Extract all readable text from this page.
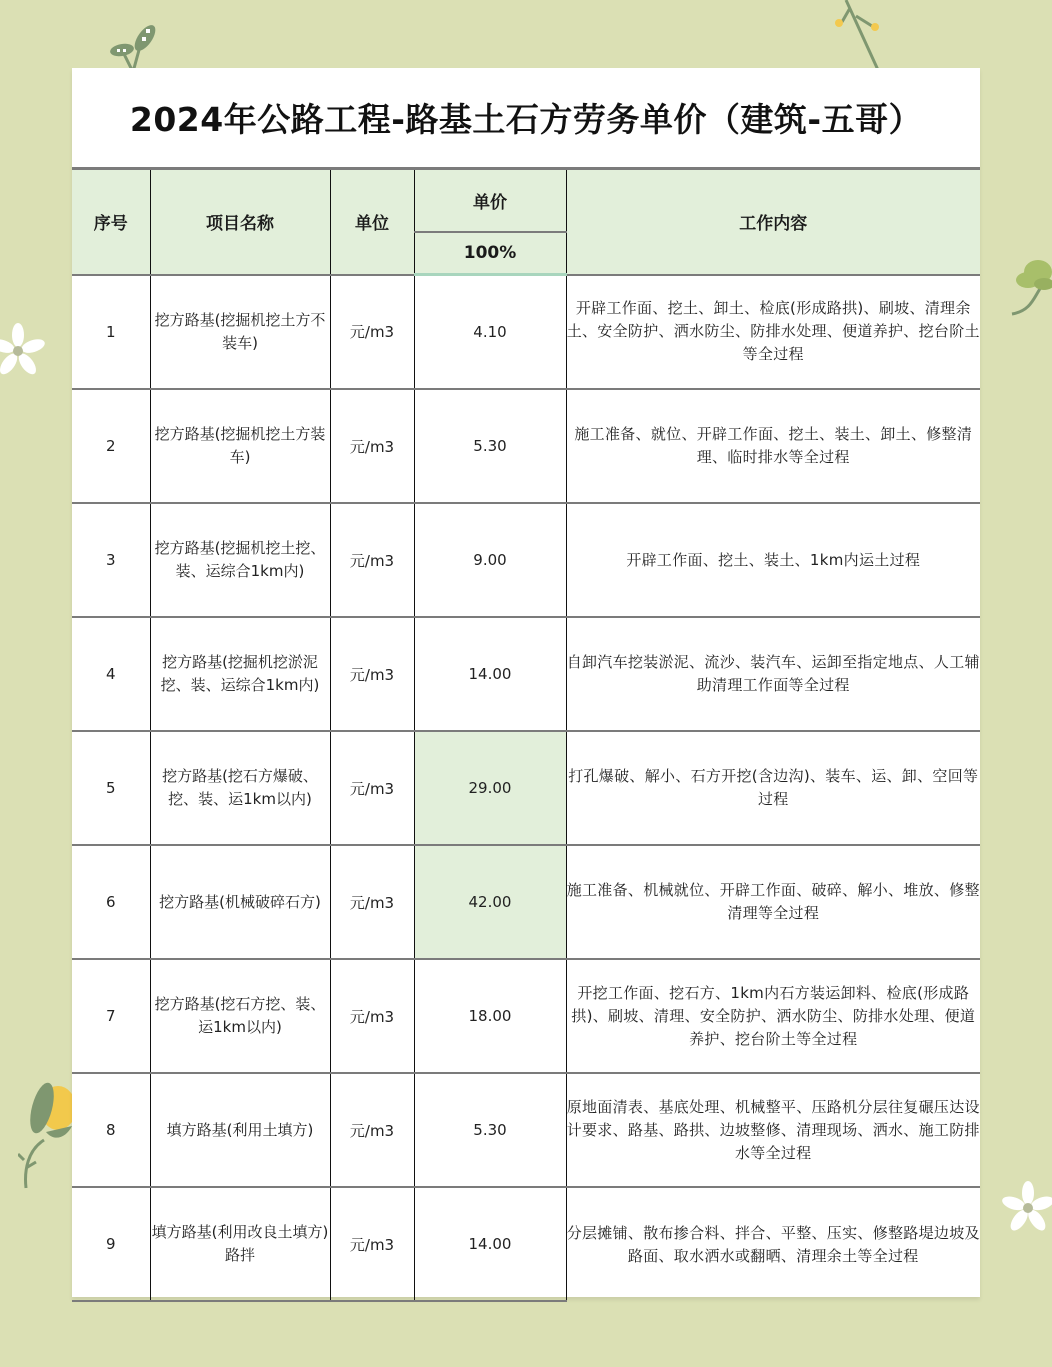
2024年公路工程-路基土石方劳务单价（建筑-五哥）
序号	项目名称	单位	单价	工作内容
			100%	
1	挖方路基(挖掘机挖土方不装车)	元/m3	4.10	开辟工作面、挖土、卸土、检底(形成路拱)、刷坡、清理余土、安全防护、洒水防尘、防排水处理、便道养护、挖台阶土等全过程
2	挖方路基(挖掘机挖土方装车)	元/m3	5.30	施工准备、就位、开辟工作面、挖土、装土、卸土、修整清理、临时排水等全过程
3	挖方路基(挖掘机挖土挖、装、运综合1km内)	元/m3	9.00	开辟工作面、挖土、装土、1km内运土过程
4	挖方路基(挖掘机挖淤泥挖、装、运综合1km内)	元/m3	14.00	自卸汽车挖装淤泥、流沙、装汽车、运卸至指定地点、人工辅助清理工作面等全过程
5	挖方路基(挖石方爆破、挖、装、运1km以内)	元/m3	29.00	打孔爆破、解小、石方开挖(含边沟)、装车、运、卸、空回等过程
6	挖方路基(机械破碎石方)	元/m3	42.00	施工准备、机械就位、开辟工作面、破碎、解小、堆放、修整清理等全过程
7	挖方路基(挖石方挖、装、运1km以内)	元/m3	18.00	开挖工作面、挖石方、1km内石方装运卸料、检底(形成路拱)、刷坡、清理、安全防护、洒水防尘、防排水处理、便道养护、挖台阶土等全过程
8	填方路基(利用土填方)	元/m3	5.30	原地面清表、基底处理、机械整平、压路机分层往复碾压达设计要求、路基、路拱、边坡整修、清理现场、洒水、施工防排水等全过程
9	填方路基(利用改良土填方)路拌	元/m3	14.00	分层摊铺、散布掺合料、拌合、平整、压实、修整路堤边坡及路面、取水洒水或翻晒、清理余土等全过程
